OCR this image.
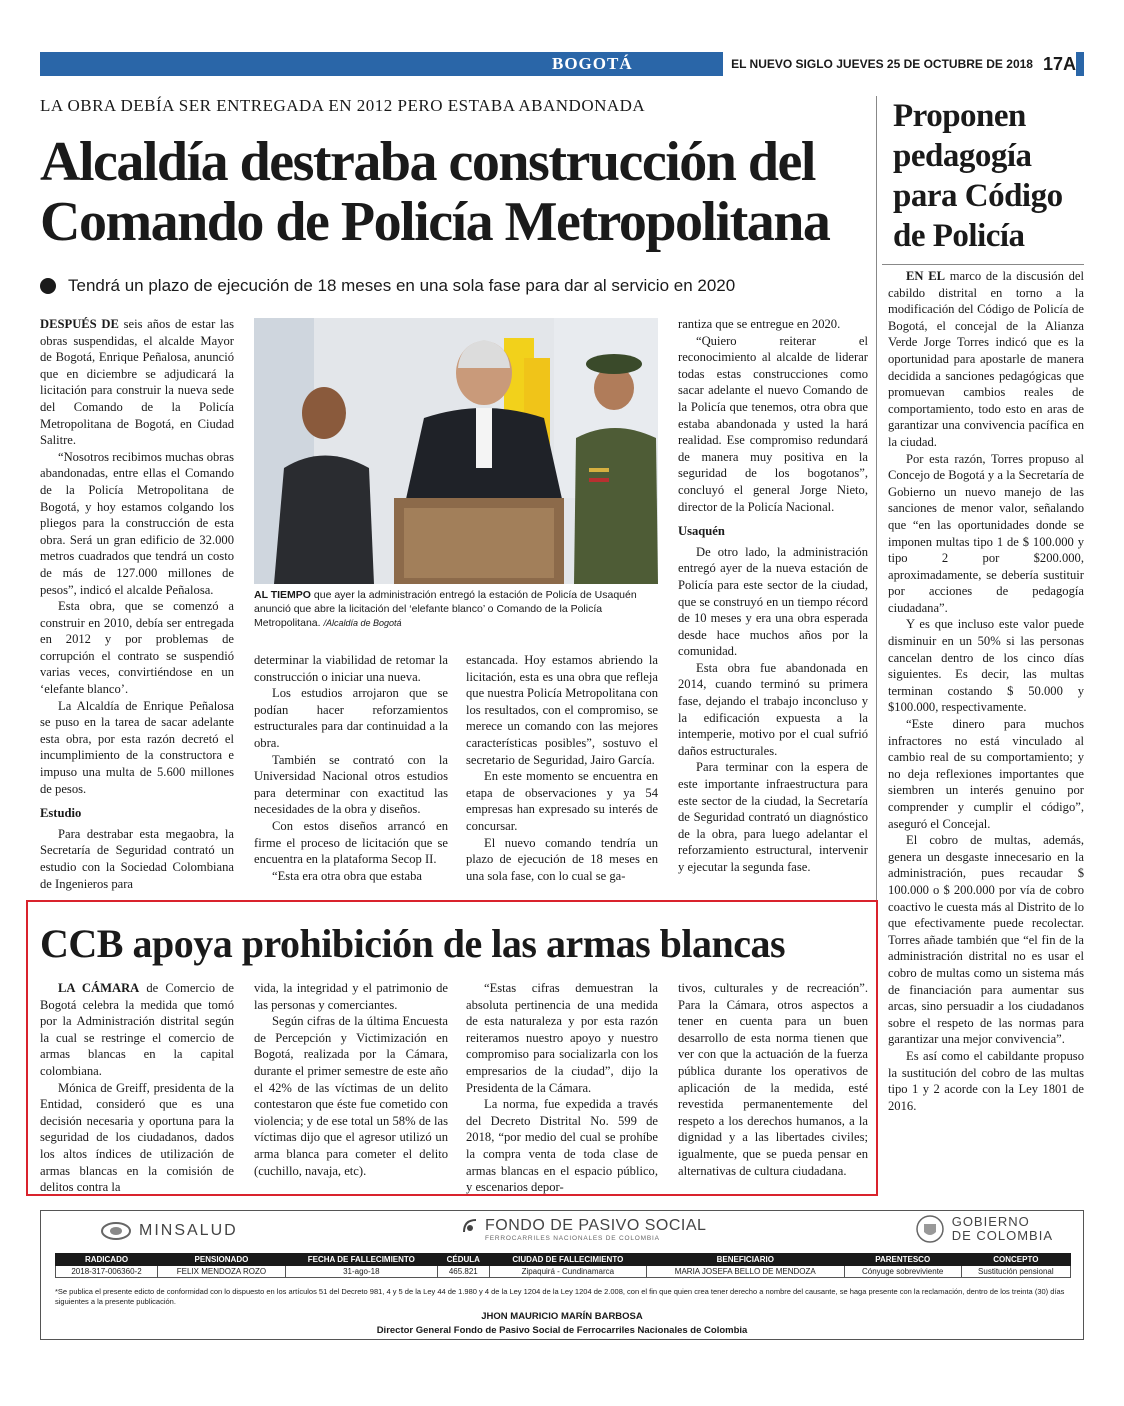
BOGOTÁ	EL NUEVO SIGLO JUEVES 25 DE OCTUBRE DE 2018 17A
LA OBRA DEBÍA SER ENTREGADA EN 2012 PERO ESTABA ABANDONADA
Alcaldía destraba construcción del Comando de Policía Metropolitana
Tendrá un plazo de ejecución de 18 meses en una sola fase para dar al servicio en 2020

DESPUÉS DE seis años de estar las obras suspendidas, el alcalde Mayor de Bogotá, Enrique Peñalosa, anunció que en diciembre se adjudicará la licitación para construir la nueva sede del Comando de la Policía Metropolitana de Bogotá, en Ciudad Salitre.

“Nosotros recibimos muchas obras abandonadas, entre ellas el Comando de la Policía Metropolitana de Bogotá, y hoy estamos colgando los pliegos para la construcción de esta obra. Será un gran edificio de 32.000 metros cuadrados que tendrá un costo de más de 127.000 millones de pesos”, indicó el alcalde Peñalosa.

Esta obra, que se comenzó a construir en 2010, debía ser entregada en 2012 y por problemas de corrupción el contrato se suspendió varias veces, convirtiéndose en un ‘elefante blanco’.

La Alcaldía de Enrique Peñalosa se puso en la tarea de sacar adelante esta obra, por esta razón decretó el incumplimiento de la constructora e impuso una multa de 5.600 millones de pesos.

Estudio

Para destrabar esta megaobra, la Secretaría de Seguridad contrató un estudio con la Sociedad Colombiana de Ingenieros para

AL TIEMPO que ayer la administración entregó la estación de Policía de Usaquén anunció que abre la licitación del ‘elefante blanco’ o Comando de la Policía Metropolitana. /Alcaldía de Bogotá

determinar la viabilidad de retomar la construcción o iniciar una nueva.

Los estudios arrojaron que se podían hacer reforzamientos estructurales para dar continuidad a la obra.

También se contrató con la Universidad Nacional otros estudios para determinar con exactitud las necesidades de la obra y diseños.

Con estos diseños arrancó en firme el proceso de licitación que se encuentra en la plataforma Secop II.

“Esta era otra obra que estaba

estancada. Hoy estamos abriendo la licitación, esta es una obra que refleja que nuestra Policía Metropolitana con los resultados, con el compromiso, se merece un comando con las mejores características posibles”, sostuvo el secretario de Seguridad, Jairo García.

En este momento se encuentra en etapa de observaciones y ya 54 empresas han expresado su interés de concursar.

El nuevo comando tendría un plazo de ejecución de 18 meses en una sola fase, con lo cual se ga-

rantiza que se entregue en 2020.

“Quiero reiterar el reconocimiento al alcalde de liderar todas estas construcciones como sacar adelante el nuevo Comando de la Policía que tenemos, otra obra que estaba abandonada y usted la hará realidad. Ese compromiso redundará de manera muy positiva en la seguridad de los bogotanos”, concluyó el general Jorge Nieto, director de la Policía Nacional.

Usaquén

De otro lado, la administración entregó ayer de la nueva estación de Policía para este sector de la ciudad, que se construyó en un tiempo récord de 10 meses y era una obra esperada desde hace muchos años por la comunidad.

Esta obra fue abandonada en 2014, cuando terminó su primera fase, dejando el trabajo inconcluso y la edificación expuesta a la intemperie, motivo por el cual sufrió daños estructurales.

Para terminar con la espera de este importante infraestructura para este sector de la ciudad, la Secretaría de Seguridad contrató un diagnóstico de la obra, para luego adelantar el reforzamiento estructural, intervenir y ejecutar la segunda fase.

Proponen pedagogía para Código de Policía

EN EL marco de la discusión del cabildo distrital en torno a la modificación del Código de Policía de Bogotá, el concejal de la Alianza Verde Jorge Torres indicó que es la oportunidad para apostarle de manera decidida a sanciones pedagógicas que promuevan cambios reales de comportamiento, todo esto en aras de garantizar una convivencia pacífica en la ciudad.

Por esta razón, Torres propuso al Concejo de Bogotá y a la Secretaría de Gobierno un nuevo manejo de las sanciones de menor valor, señalando que “en las oportunidades donde se imponen multas tipo 1 de $ 100.000 y tipo 2 por $200.000, aproximadamente, se debería sustituir por acciones de pedagogía ciudadana”.

Y es que incluso este valor puede disminuir en un 50% si las personas cancelan dentro de los cinco días siguientes. Es decir, las multas terminan costando $ 50.000 y $100.000, respectivamente.

“Este dinero para muchos infractores no está vinculado al cambio real de su comportamiento; y no deja reflexiones importantes que siembren un interés genuino por comprender y cumplir el código”, aseguró el Concejal.

El cobro de multas, además, genera un desgaste innecesario en la administración, pues recaudar $ 100.000 o $ 200.000 por vía de cobro coactivo le cuesta más al Distrito de lo que efectivamente puede recolectar. Torres añade también que “el fin de la administración distrital no es usar el cobro de multas como un sistema más de financiación para aumentar sus arcas, sino persuadir a los ciudadanos sobre el respeto de las normas para garantizar una mejor convivencia”.

Es así como el cabildante propuso la sustitución del cobro de las multas tipo 1 y 2 acorde con la Ley 1801 de 2016.

CCB apoya prohibición de las armas blancas

LA CÁMARA de Comercio de Bogotá celebra la medida que tomó por la Administración distrital según la cual se restringe el comercio de armas blancas en la capital colombiana.

Mónica de Greiff, presidenta de la Entidad, consideró que es una decisión necesaria y oportuna para la seguridad de los ciudadanos, dados los altos índices de utilización de armas blancas en la comisión de delitos contra la

vida, la integridad y el patrimonio de las personas y comerciantes.

Según cifras de la última Encuesta de Percepción y Victimización en Bogotá, realizada por la Cámara, durante el primer semestre de este año el 42% de las víctimas de un delito contestaron que éste fue cometido con violencia; y de ese total un 58% de las víctimas dijo que el agresor utilizó un arma blanca para cometer el delito (cuchillo, navaja, etc).

“Estas cifras demuestran la absoluta pertinencia de una medida de esta naturaleza y por esta razón reiteramos nuestro apoyo y nuestro compromiso para socializarla con los empresarios de la ciudad”, dijo la Presidenta de la Cámara.

La norma, fue expedida a través del Decreto Distrital No. 599 de 2018, “por medio del cual se prohíbe la compra venta de toda clase de armas blancas en el espacio público, y escenarios depor-

tivos, culturales y de recreación”. Para la Cámara, otros aspectos a tener en cuenta para un buen desarrollo de esta norma tienen que ver con que la actuación de la fuerza pública durante los operativos de aplicación de la medida, esté revestida permanentemente del respeto a los derechos humanos, a la dignidad y a las libertades civiles; igualmente, que se pueda pensar en alternativas de cultura ciudadana.

MINSALUD	FONDO DE PASIVO SOCIAL
FERROCARRILES NACIONALES DE COLOMBIA
GOBIERNO
DE COLOMBIA
RADICADO	PENSIONADO	FECHA DE FALLECIMIENTO	CÉDULA	CIUDAD DE FALLECIMIENTO	BENEFICIARIO	PARENTESCO	CONCEPTO
2018-317-006360-2	FELIX MENDOZA ROZO	31-ago-18	465.821	Zipaquirá - Cundinamarca	MARIA JOSEFA BELLO DE MENDOZA	Cónyuge sobreviviente	Sustitución pensional
*Se publica el presente edicto de conformidad con lo dispuesto en los artículos 51 del Decreto 981, 4 y 5 de la Ley 44 de 1.980 y 4 de la Ley 1204 de la Ley 1204 de 2.008, con el fin que quien crea tener derecho a nombre del causante, se haga presente con la reclamación, dentro de los treinta (30) días siguientes a la presente publicación.
JHON MAURICIO MARÍN BARBOSA
Director General Fondo de Pasivo Social de Ferrocarriles Nacionales de Colombia
